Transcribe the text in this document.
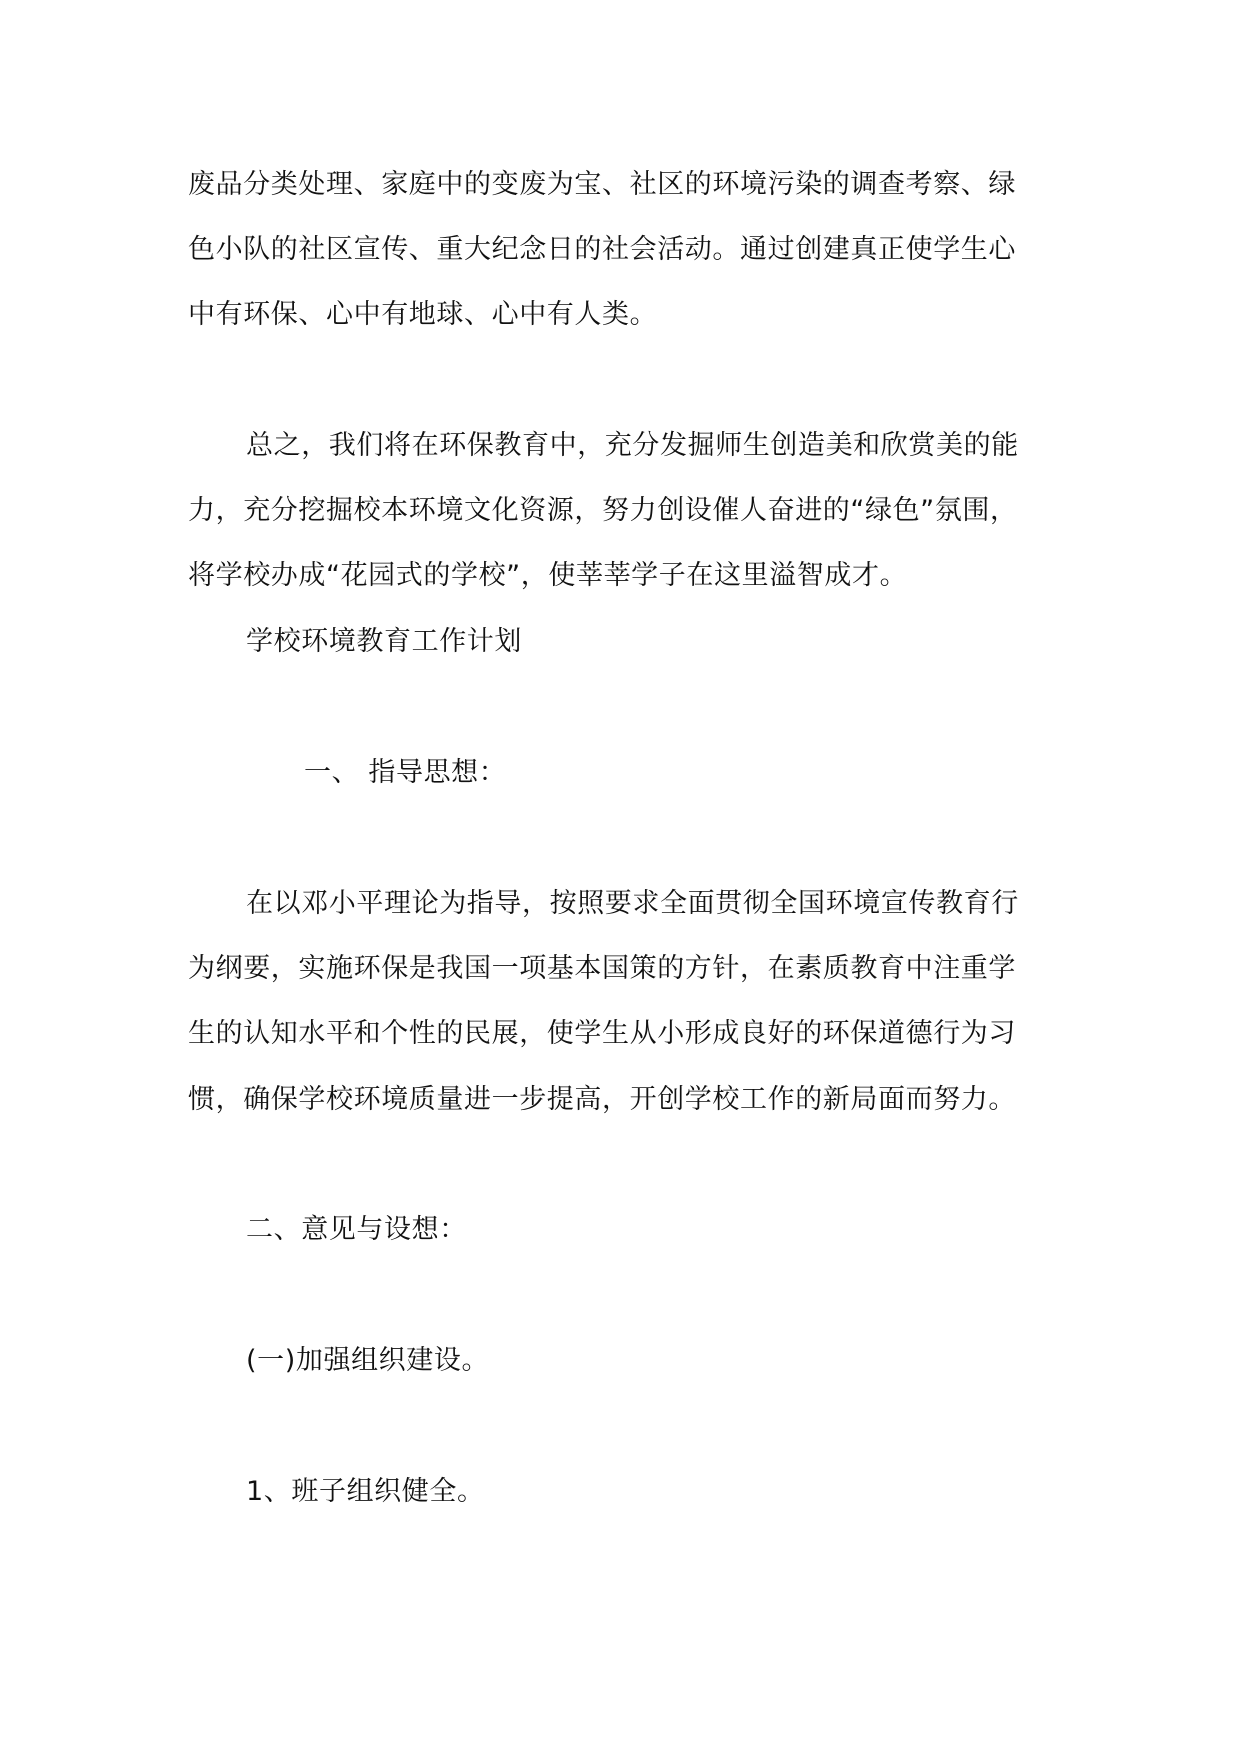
废品分类处理、家庭中的变废为宝、社区的环境污染的调查考察、绿
色小队的社区宣传、重大纪念日的社会活动。通过创建真正使学生心
中有环保、心中有地球、心中有人类。
总之，我们将在环保教育中，充分发掘师生创造美和欣赏美的能
力，充分挖掘校本环境文化资源，努力创设催人奋进的“绿色”氛围，
将学校办成“花园式的学校”，使莘莘学子在这里溢智成才。
学校环境教育工作计划
一、 指导思想：
在以邓小平理论为指导，按照要求全面贯彻全国环境宣传教育行
为纲要，实施环保是我国一项基本国策的方针，在素质教育中注重学
生的认知水平和个性的民展，使学生从小形成良好的环保道德行为习
惯，确保学校环境质量进一步提高，开创学校工作的新局面而努力。
二、意见与设想：
(一)加强组织建设。
1、班子组织健全。
